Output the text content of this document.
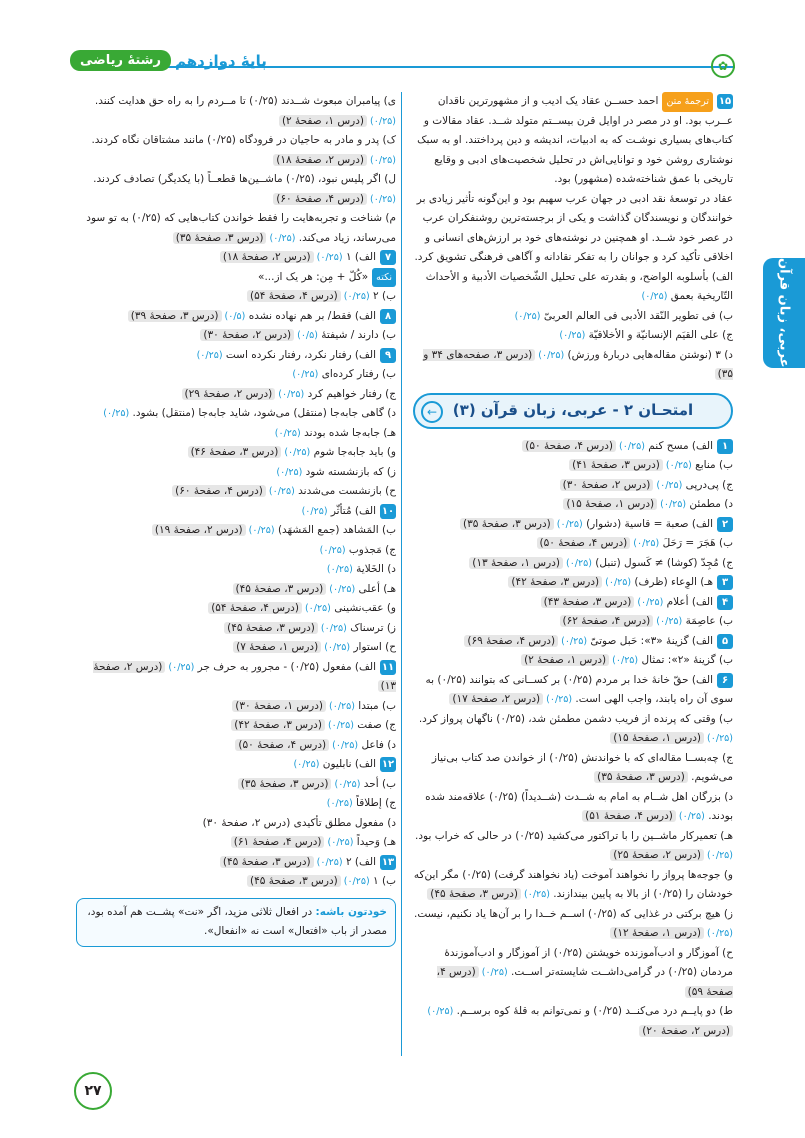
پایۀ دوازدهم
رشتۀ ریاضی	✿
عربی، زبان قرآن
۱۵ترجمۀ متناحمد حســن عقاد یک ادیب و از مشهورترین ناقدان عــرب بود. او در مصر در اوایل قرن بیســتم متولد شــد. عقاد مقالات و کتاب‌های بسیاری نوشـت که به ادبیات، اندیشه و دین پرداختند. او به سبک نوشتاری روشن خود و توانایی‌اش در تحلیل شخصیت‌های ادبی و وقایع تاریخی با عمق شناخته‌شده (مشهور) بود.
عقاد در توسعۀ نقد ادبی در جهان عرب سهیم بود و این‌گونه تأثیر زیادی بر خوانندگان و نویسندگان گذاشت و یکی از برجسته‌ترین روشنفکران عرب در عصر خود شــد. او همچنین در نوشته‌های خود بر ارزش‌های انسانی و اخلاقی تأکید کرد و جوانان را به تفکر نقادانه و آگاهی فرهنگی تشویق کرد.
الف) بأسلوبه الواضح، و بقدرته علی تحلیل الشّخصیات الأدبیة و الأحداث التّاریخیة بعمق (۰/۲۵)
ب) فی تطویر النّقد الأدبی فی العالم العربیّ (۰/۲۵)
ج) علی القیَم الإنسانیّة و الأخلاقیّة (۰/۲۵)
د) ۳ (نوشتن مقاله‌هایی دربارۀ ورزش) (۰/۲۵) (درس ۳، صفحه‌های ۳۴ و ۳۵)
←	امتحـان ۲ - عربی، زبان قرآن (۳)
۱الف) مسح کنم (۰/۲۵) (درس ۴، صفحۀ ۵۰)
ب) منابع (۰/۲۵) (درس ۳، صفحۀ ۴۱)
ج) پی‌درپی (۰/۲۵) (درس ۲، صفحۀ ۳۰)
د) مطمئن (۰/۲۵) (درس ۱، صفحۀ ۱۵)
۲الف) صعبة = قاسیة (دشوار) (۰/۲۵) (درس ۳، صفحۀ ۳۵)
ب) هَجَرَ = رَحَلَ (۰/۲۵) (درس ۴، صفحۀ ۵۰)
ج) مُجِدّ (کوشا) ≠ کَسول (تنبل) (۰/۲۵) (درس ۱، صفحۀ ۱۳)
۳هـ) الوِعاء (ظرف) (۰/۲۵) (درس ۳، صفحۀ ۴۲)
۴الف) أعلام (۰/۲۵) (درس ۳، صفحۀ ۴۳)
ب) عاصِمَة (۰/۲۵) (درس ۴، صفحۀ ۶۲)
۵الف) گزینۀ «۳»: حَبل صوتیّ (۰/۲۵) (درس ۴، صفحۀ ۶۹)
ب) گزینۀ «۲»: تمثال (۰/۲۵) (درس ۱، صفحۀ ۲)
۶الف) حقّ خانۀ خدا بر مردم (۰/۲۵) بر کســانی که بتوانند (۰/۲۵) به سوی آن راه یابند، واجب الهی است. (۰/۲۵) (درس ۲، صفحۀ ۱۷)
ب) وقتی که پرنده از فریب دشمن مطمئن شد، (۰/۲۵) ناگهان پرواز کرد. (۰/۲۵) (درس ۱، صفحۀ ۱۵)
ج) چه‌بســا مقاله‌ای که با خواندنش (۰/۲۵) از خواندن صد کتاب بی‌نیاز می‌شویم. (درس ۳، صفحۀ ۳۵)
د) بزرگان اهل شــام به امام به شــدت (شــدیداً) (۰/۲۵) علاقه‌مند شده بودند. (۰/۲۵) (درس ۴، صفحۀ ۵۱)
هـ) تعمیرکار ماشــین را با تراکتور می‌کشید (۰/۲۵) در حالی که خراب بود. (۰/۲۵) (درس ۲، صفحۀ ۲۵)
و) جوجه‌ها پرواز را نخواهند آموخت (یاد نخواهند گرفت) (۰/۲۵) مگر این‌که خودشان را (۰/۲۵) از بالا به پایین بیندازند. (۰/۲۵) (درس ۳، صفحۀ ۴۵)
ز) هیچ برکتی در غذایی که (۰/۲۵) اســم خــدا را بر آن‌ها یاد نکنیم، نیست. (۰/۲۵) (درس ۱، صفحۀ ۱۲)
ح) آموزگار و ادب‌آموزنده خویشتن (۰/۲۵) از آموزگار و ادب‌آموزندۀ مردمان (۰/۲۵) در گرامی‌داشــت شایسته‌تر اســت. (۰/۲۵) (درس ۴، صفحۀ ۵۹)
ط) دو پایــم درد می‌کنــد (۰/۲۵) و نمی‌توانم به قلۀ کوه برســم. (۰/۲۵) (درس ۲، صفحۀ ۲۰)
ی) پیامبران مبعوث شــدند (۰/۲۵) تا مــردم را به راه حق هدایت کنند. (۰/۲۵) (درس ۱، صفحۀ ۲)
ک) پدر و مادر به حاجیان در فرودگاه (۰/۲۵) مانند مشتاقان نگاه کردند. (۰/۲۵) (درس ۲، صفحۀ ۱۸)
ل) اگر پلیس نبود، (۰/۲۵) ماشــین‌ها قطعــاً (با یکدیگر) تصادف کردند. (۰/۲۵) (درس ۴، صفحۀ ۶۰)
م) شناخت و تجربه‌هایت را فقط خواندن کتاب‌هایی که (۰/۲۵) به تو سود می‌رساند، زیاد می‌کند. (۰/۲۵) (درس ۳، صفحۀ ۳۵)
۷الف) ۱ (۰/۲۵) (درس ۲، صفحۀ ۱۸)
نکته«کُلّ + مِن: هر یک از...»
ب) ۲ (۰/۲۵) (درس ۴، صفحۀ ۵۴)
۸الف) فقط/ بر هم نهاده نشده (۰/۵) (درس ۳، صفحۀ ۳۹)
ب) دارند / شیفتهٔ (۰/۵) (درس ۲، صفحۀ ۳۰)
۹الف) رفتار نکرد، رفتار نکرده است (۰/۲۵)
ب) رفتار کرده‌ای (۰/۲۵)
ج) رفتار خواهیم کرد (۰/۲۵) (درس ۲، صفحۀ ۲۹)
د) گاهی جابه‌جا (منتقل) می‌شود، شاید جابه‌جا (منتقل) بشود. (۰/۲۵)
هـ) جابه‌جا شده بودند (۰/۲۵)
و) باید جابه‌جا شوم (۰/۲۵) (درس ۳، صفحۀ ۴۶)
ز) که بازنشسته شود (۰/۲۵)
ح) بازنشست می‌شدند (۰/۲۵) (درس ۴، صفحۀ ۶۰)
۱۰الف) مُتأثّر (۰/۲۵)
ب) المَشاهد (جمع المَشهَد) (۰/۲۵) (درس ۲، صفحۀ ۱۹)
ج) مَجذوب (۰/۲۵)
د) الخَلایة (۰/۲۵)
هـ) أعلی (۰/۲۵) (درس ۳، صفحۀ ۴۵)
و) عقب‌نشینی (۰/۲۵) (درس ۴، صفحۀ ۵۴)
ز) ترسناک (۰/۲۵) (درس ۳، صفحۀ ۴۵)
ح) استوار (۰/۲۵) (درس ۱، صفحۀ ۷)
۱۱الف) مفعول (۰/۲۵) - مجرور به حرف جر (۰/۲۵) (درس ۲، صفحۀ ۱۳)
ب) مبتدا (۰/۲۵) (درس ۱، صفحۀ ۳۰)
ج) صفت (۰/۲۵) (درس ۳، صفحۀ ۴۲)
د) فاعل (۰/۲۵) (درس ۴، صفحۀ ۵۰)
۱۲الف) نابلیون (۰/۲۵)
ب) أحد (۰/۲۵) (درس ۳، صفحۀ ۳۵)
ج) إطلاقاً (۰/۲۵)
د) مفعول مطلق تأکیدی (درس ۲، صفحۀ ۳۰)
هـ) وَحیداً (۰/۲۵) (درس ۴، صفحۀ ۶۱)
۱۳الف) ۲ (۰/۲۵) (درس ۳، صفحۀ ۴۵)
ب) ۱ (۰/۲۵) (درس ۳، صفحۀ ۴۵)
خودتون باشه: در افعال ثلاثی مزید، اگر «نت» پشــت هم آمده بود، مصدر از باب «افتعال» است نه «انفعال».
۲۷
